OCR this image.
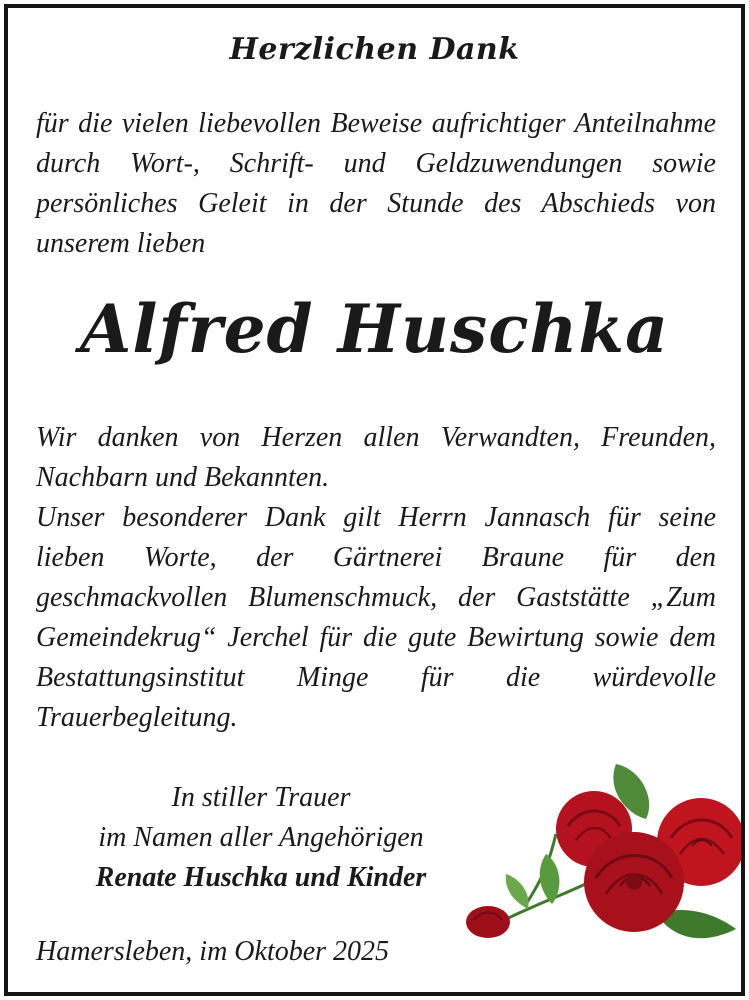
Herzlichen Dank

für die vielen liebevollen Beweise aufrichtiger Anteilnahme durch Wort-, Schrift- und Geldzuwendungen sowie persönliches Geleit in der Stunde des Abschieds von unserem lieben

Alfred Huschka

Wir danken von Herzen allen Verwandten, Freunden, Nachbarn und Bekannten.

Unser besonderer Dank gilt Herrn Jannasch für seine lieben Worte, der Gärtnerei Braune für den geschmackvollen Blumenschmuck, der Gaststätte „Zum Gemeindekrug“ Jerchel für die gute Bewirtung sowie dem Bestattungsinstitut Minge für die würdevolle Trauerbegleitung.

In stiller Trauer
im Namen aller Angehörigen
Renate Huschka und Kinder
Hamersleben, im Oktober 2025
